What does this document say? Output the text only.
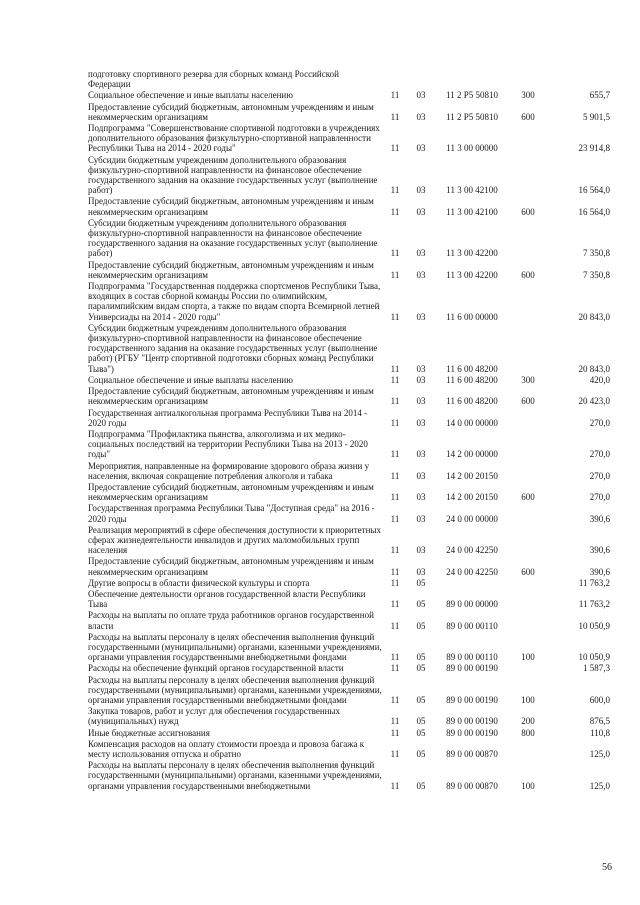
подготовку спортивного резерва для сборных команд Российской Федерации					
Социальное обеспечение и иные выплаты населению	11	03	11 2 P5 50810	300	655,7
Предоставление субсидий бюджетным, автономным учреждениям и иным некоммерческим организациям	11	03	11 2 P5 50810	600	5 901,5
Подпрограмма "Совершенствование спортивной подготовки в учреждениях дополнительного образования физкультурно-спортивной направленности Республики Тыва на 2014 - 2020 годы"	11	03	11 3 00 00000		23 914,8
Субсидии бюджетным учреждениям дополнительного образования физкультурно-спортивной направленности на финансовое обеспечение государственного задания на оказание государственных услуг (выполнение работ)	11	03	11 3 00 42100		16 564,0
Предоставление субсидий бюджетным, автономным учреждениям и иным некоммерческим организациям	11	03	11 3 00 42100	600	16 564,0
Субсидии бюджетным учреждениям дополнительного образования физкультурно-спортивной направленности на финансовое обеспечение государственного задания на оказание государственных услуг (выполнение работ)	11	03	11 3 00 42200		7 350,8
Предоставление субсидий бюджетным, автономным учреждениям и иным некоммерческим организациям	11	03	11 3 00 42200	600	7 350,8
Подпрограмма "Государственная поддержка спортсменов Республики Тыва, входящих в состав сборной команды России по олимпийским, паралимпийским видам спорта, а также по видам спорта Всемирной летней Универсиады на 2014 - 2020 годы"	11	03	11 6 00 00000		20 843,0
Субсидии бюджетным учреждениям дополнительного образования физкультурно-спортивной направленности на финансовое обеспечение государственного задания на оказание государственных услуг (выполнение работ) (РГБУ "Центр спортивной подготовки сборных команд Республики Тыва")	11	03	11 6 00 48200		20 843,0
Социальное обеспечение и иные выплаты населению	11	03	11 6 00 48200	300	420,0
Предоставление субсидий бюджетным, автономным учреждениям и иным некоммерческим организациям	11	03	11 6 00 48200	600	20 423,0
Государственная антиалкогольная программа Республики Тыва на 2014 - 2020 годы	11	03	14 0 00 00000		270,0
Подпрограмма "Профилактика пьянства, алкоголизма и их медико-социальных последствий на территории Республики Тыва на 2013 - 2020 годы"	11	03	14 2 00 00000		270,0
Мероприятия, направленные на формирование здорового образа жизни у населения, включая сокращение потребления алкоголя и табака	11	03	14 2 00 20150		270,0
Предоставление субсидий бюджетным, автономным учреждениям и иным некоммерческим организациям	11	03	14 2 00 20150	600	270,0
Государственная программа Республики Тыва "Доступная среда" на 2016 - 2020 годы	11	03	24 0 00 00000		390,6
Реализация мероприятий в сфере обеспечения доступности к приоритетных сферах жизнедеятельности инвалидов и других маломобильных групп населения	11	03	24 0 00 42250		390,6
Предоставление субсидий бюджетным, автономным учреждениям и иным некоммерческим организациям	11	03	24 0 00 42250	600	390,6
Другие вопросы в области физической культуры и спорта	11	05			11 763,2
Обеспечение деятельности органов государственной власти Республики Тыва	11	05	89 0 00 00000		11 763,2
Расходы на выплаты по оплате труда работников органов государственной власти	11	05	89 0 00 00110		10 050,9
Расходы на выплаты персоналу в целях обеспечения выполнения функций государственными (муниципальными) органами, казенными учреждениями, органами управления государственными внебюджетными фондами	11	05	89 0 00 00110	100	10 050,9
Расходы на обеспечение функций органов государственной власти	11	05	89 0 00 00190		1 587,3
Расходы на выплаты персоналу в целях обеспечения выполнения функций государственными (муниципальными) органами, казенными учреждениями, органами управления государственными внебюджетными фондами	11	05	89 0 00 00190	100	600,0
Закупка товаров, работ и услуг для обеспечения государственных (муниципальных) нужд	11	05	89 0 00 00190	200	876,5
Иные бюджетные ассигнования	11	05	89 0 00 00190	800	110,8
Компенсация расходов на оплату стоимости проезда и провоза багажа к месту использования отпуска и обратно	11	05	89 0 00 00870		125,0
Расходы на выплаты персоналу в целях обеспечения выполнения функций государственными (муниципальными) органами, казенными учреждениями, органами управления государственными внебюджетными	11	05	89 0 00 00870	100	125,0
56
